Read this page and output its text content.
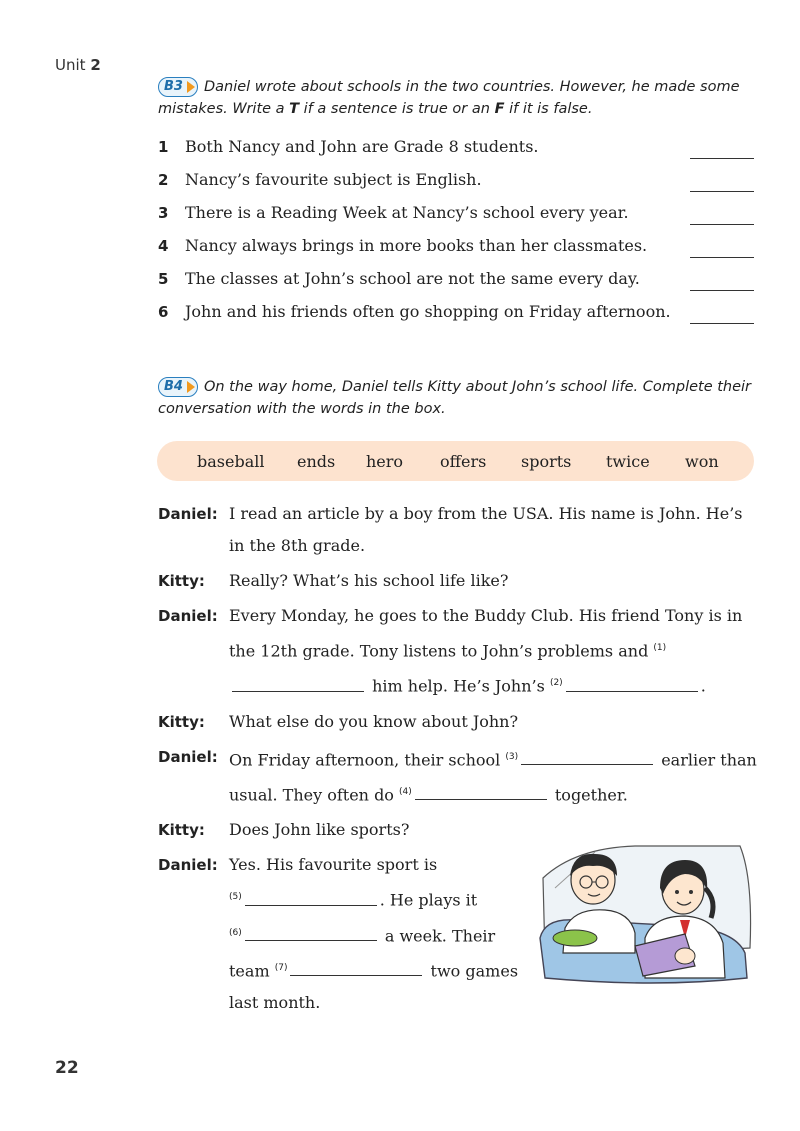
Unit 2
B3 Daniel wrote about schools in the two countries. However, he made some mistakes. Write a T if a sentence is true or an F if it is false.
1	Both Nancy and John are Grade 8 students.
2	Nancy’s favourite subject is English.
3	There is a Reading Week at Nancy’s school every year.
4	Nancy always brings in more books than her classmates.
5	The classes at John’s school are not the same every day.
6	John and his friends often go shopping on Friday afternoon.
B4 On the way home, Daniel tells Kitty about John’s school life. Complete their conversation with the words in the box.
baseball ends hero offers sports twice won
Daniel: I read an article by a boy from the USA. His name is John. He’s in the 8th grade.
Kitty:	Really? What’s his school life like?
Daniel: Every Monday, he goes to the Buddy Club. His friend Tony is in the 12th grade. Tony listens to John’s problems and $^{(1)}$ him help. He’s John’s $^{(2)}$	.
Kitty:	What else do you know about John?
Daniel: On Friday afternoon, their school $^{(3)}$	earlier than usual. They often do $^{(4)}$	together.
Kitty:	Does John like sports?
Daniel: Yes. His favourite sport is
$^{(5)}$	. He plays it
$^{(6)}$	a week. Their team $^{(7)}$	two games last month.
22
